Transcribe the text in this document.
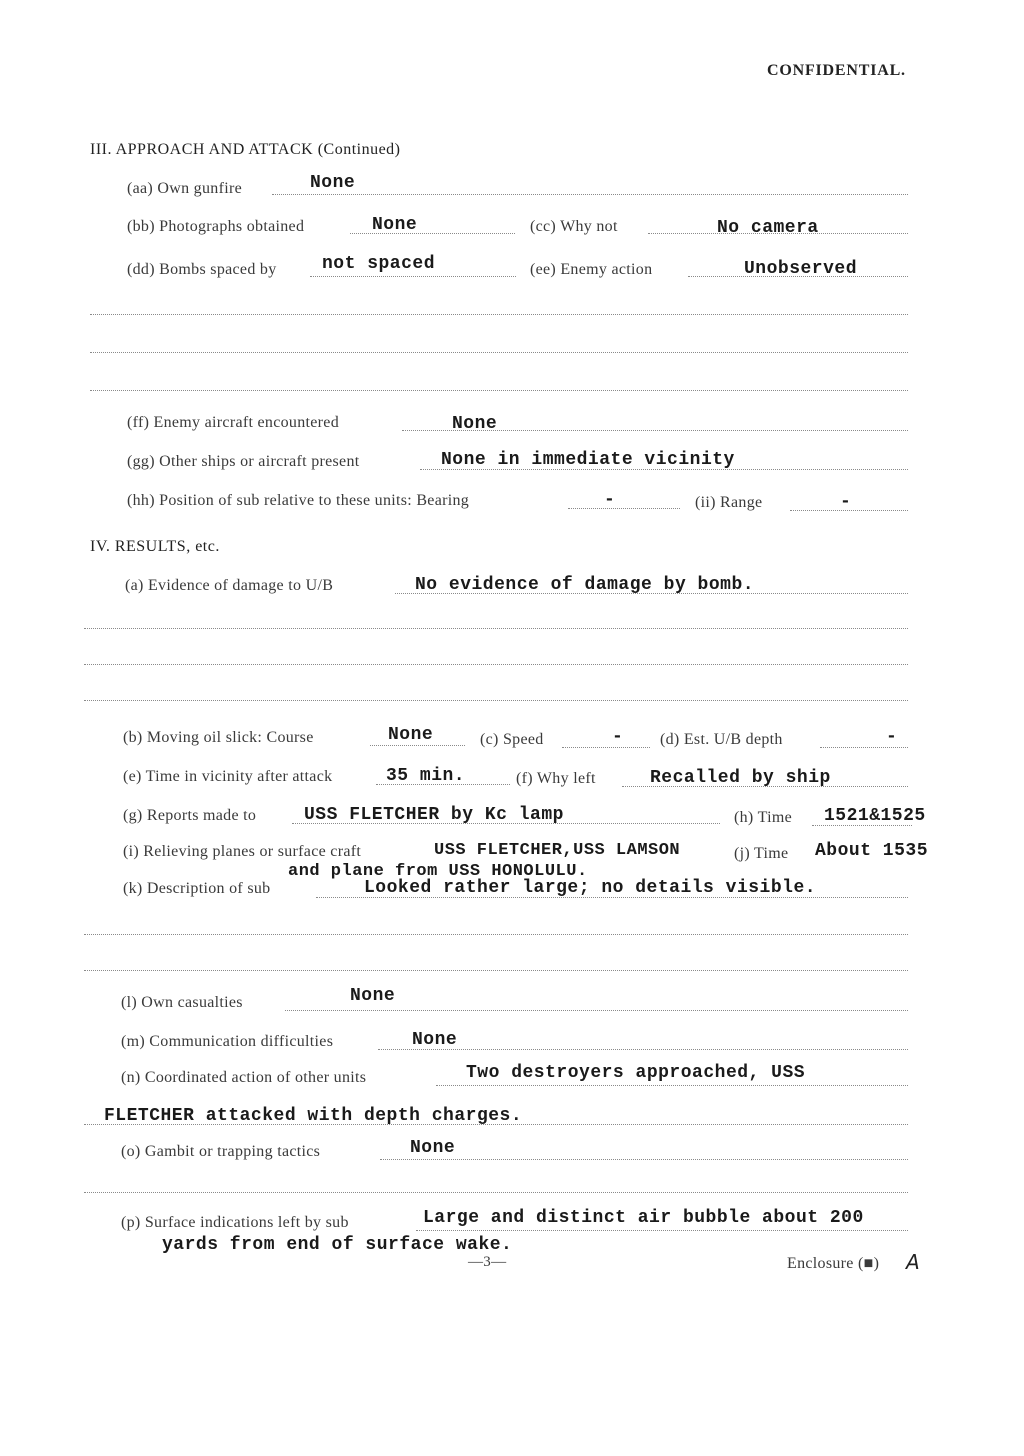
CONFIDENTIAL.
III. APPROACH AND ATTACK (Continued)
(aa) Own gunfire	None
(bb) Photographs obtained	None	(cc) Why not	No camera
(dd) Bombs spaced by	not spaced	(ee) Enemy action	Unobserved
(ff) Enemy aircraft encountered	None
(gg) Other ships or aircraft present	None in immediate vicinity
(hh) Position of sub relative to these units: Bearing	-	(ii) Range	-
IV. RESULTS, etc.
(a) Evidence of damage to U/B	No evidence of damage by bomb.
(b) Moving oil slick: Course	None	(c) Speed	- (d) Est. U/B depth	-
(e) Time in vicinity after attack	35 min.	(f) Why left	Recalled by ship
(g) Reports made to	USS FLETCHER by Kc lamp	(h) Time 1521&1525
(i) Relieving planes or surface craft	USS FLETCHER,USS LAMSON	(j) Time About 1535
and plane from USS HONOLULU.
(k) Description of sub	Looked rather large; no details visible.
(l) Own casualties	None
(m) Communication difficulties	None
(n) Coordinated action of other units	Two destroyers approached, USS
FLETCHER attacked with depth charges.
(o) Gambit or trapping tactics	None
(p) Surface indications left by sub	Large and distinct air bubble about 200
yards from end of surface wake.
—3—	Enclosure (■) A
